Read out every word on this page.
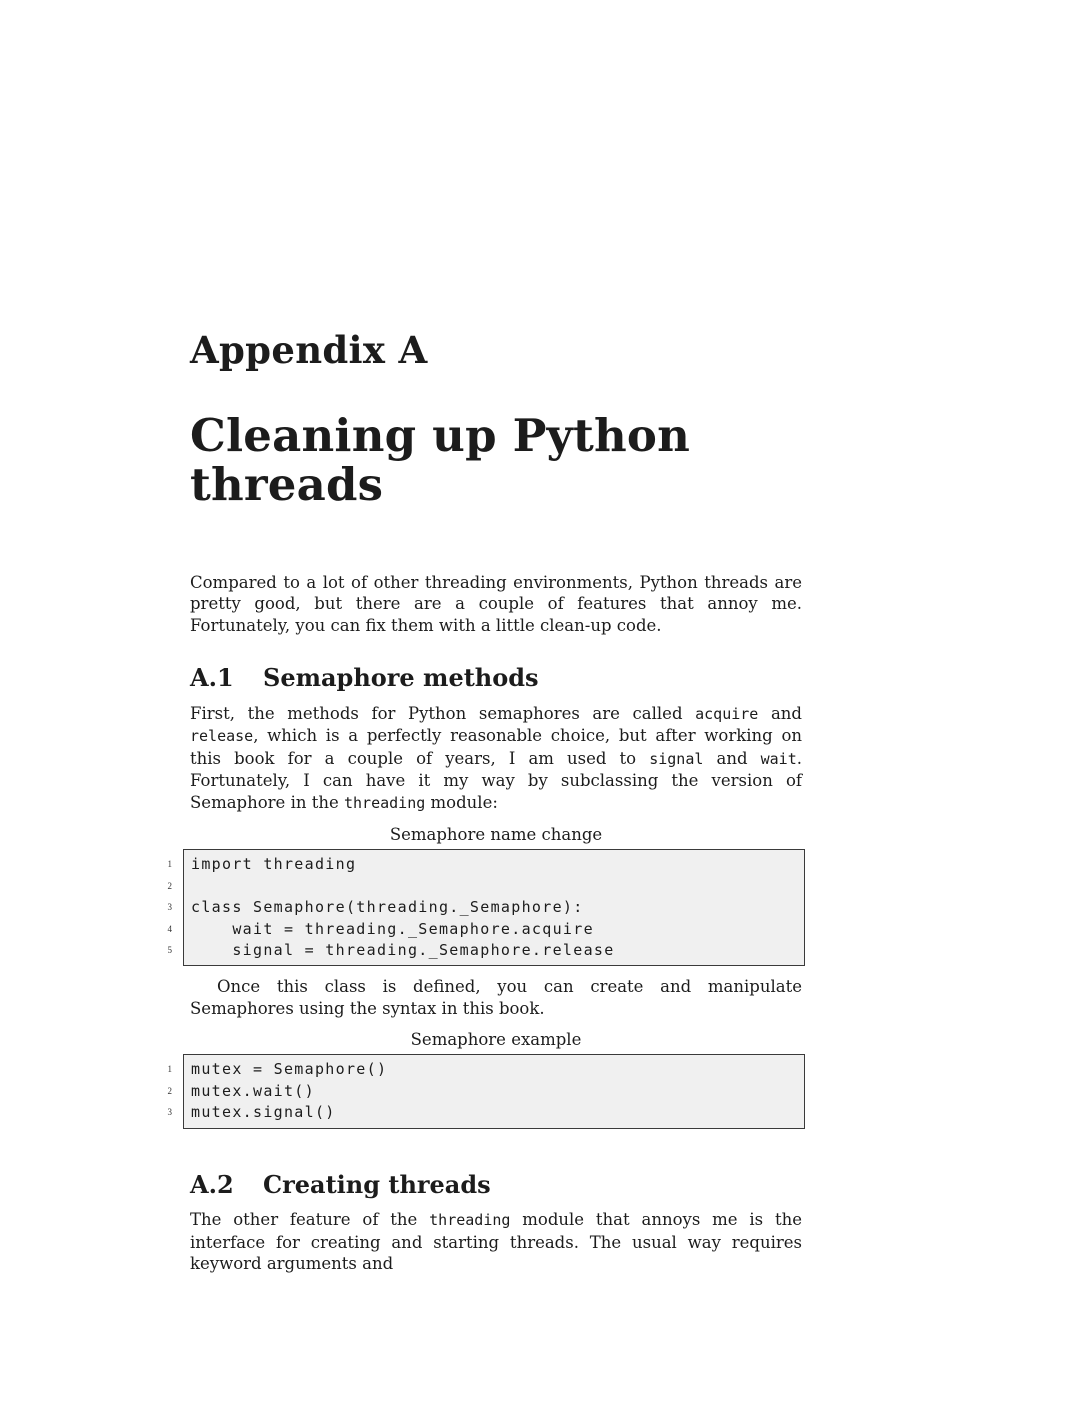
Appendix A
Cleaning up Python threads

Compared to a lot of other threading environments, Python threads are pretty good, but there are a couple of features that annoy me. Fortunately, you can fix them with a little clean-up code.

A.1 Semaphore methods

First, the methods for Python semaphores are called acquire and release, which is a perfectly reasonable choice, but after working on this book for a couple of years, I am used to signal and wait. Fortunately, I can have it my way by subclassing the version of Semaphore in the threading module:

Semaphore name change
1 import threading
2
3 class Semaphore(threading._Semaphore):
4 wait = threading._Semaphore.acquire
5 signal = threading._Semaphore.release

Once this class is defined, you can create and manipulate Semaphores using the syntax in this book.

Semaphore example
1 mutex = Semaphore()
2 mutex.wait()
3 mutex.signal()
A.2 Creating threads

The other feature of the threading module that annoys me is the interface for creating and starting threads. The usual way requires keyword arguments and
